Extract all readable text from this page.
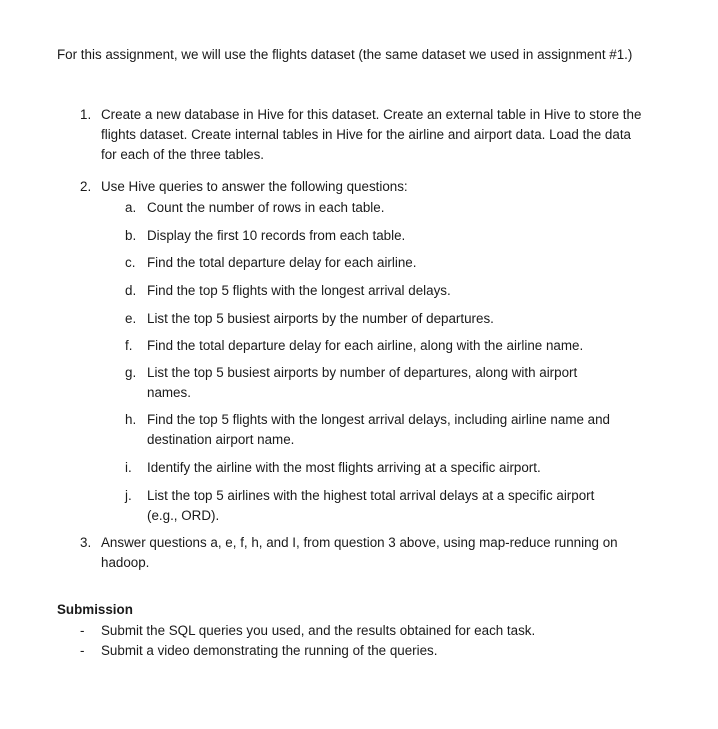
For this assignment, we will use the flights dataset (the same dataset we used in assignment #1.)
1. Create a new database in Hive for this dataset. Create an external table in Hive to store the flights dataset. Create internal tables in Hive for the airline and airport data. Load the data for each of the three tables.
2. Use Hive queries to answer the following questions:
a. Count the number of rows in each table.
b. Display the first 10 records from each table.
c. Find the total departure delay for each airline.
d. Find the top 5 flights with the longest arrival delays.
e. List the top 5 busiest airports by the number of departures.
f.	Find the total departure delay for each airline, along with the airline name.
g. List the top 5 busiest airports by number of departures, along with airport names.
h. Find the top 5 flights with the longest arrival delays, including airline name and destination airport name.
i.	Identify the airline with the most flights arriving at a specific airport.
j.	List the top 5 airlines with the highest total arrival delays at a specific airport (e.g., ORD).
3. Answer questions a, e, f, h, and I, from question 3 above, using map-reduce running on hadoop.
Submission
- Submit the SQL queries you used, and the results obtained for each task.
- Submit a video demonstrating the running of the queries.
